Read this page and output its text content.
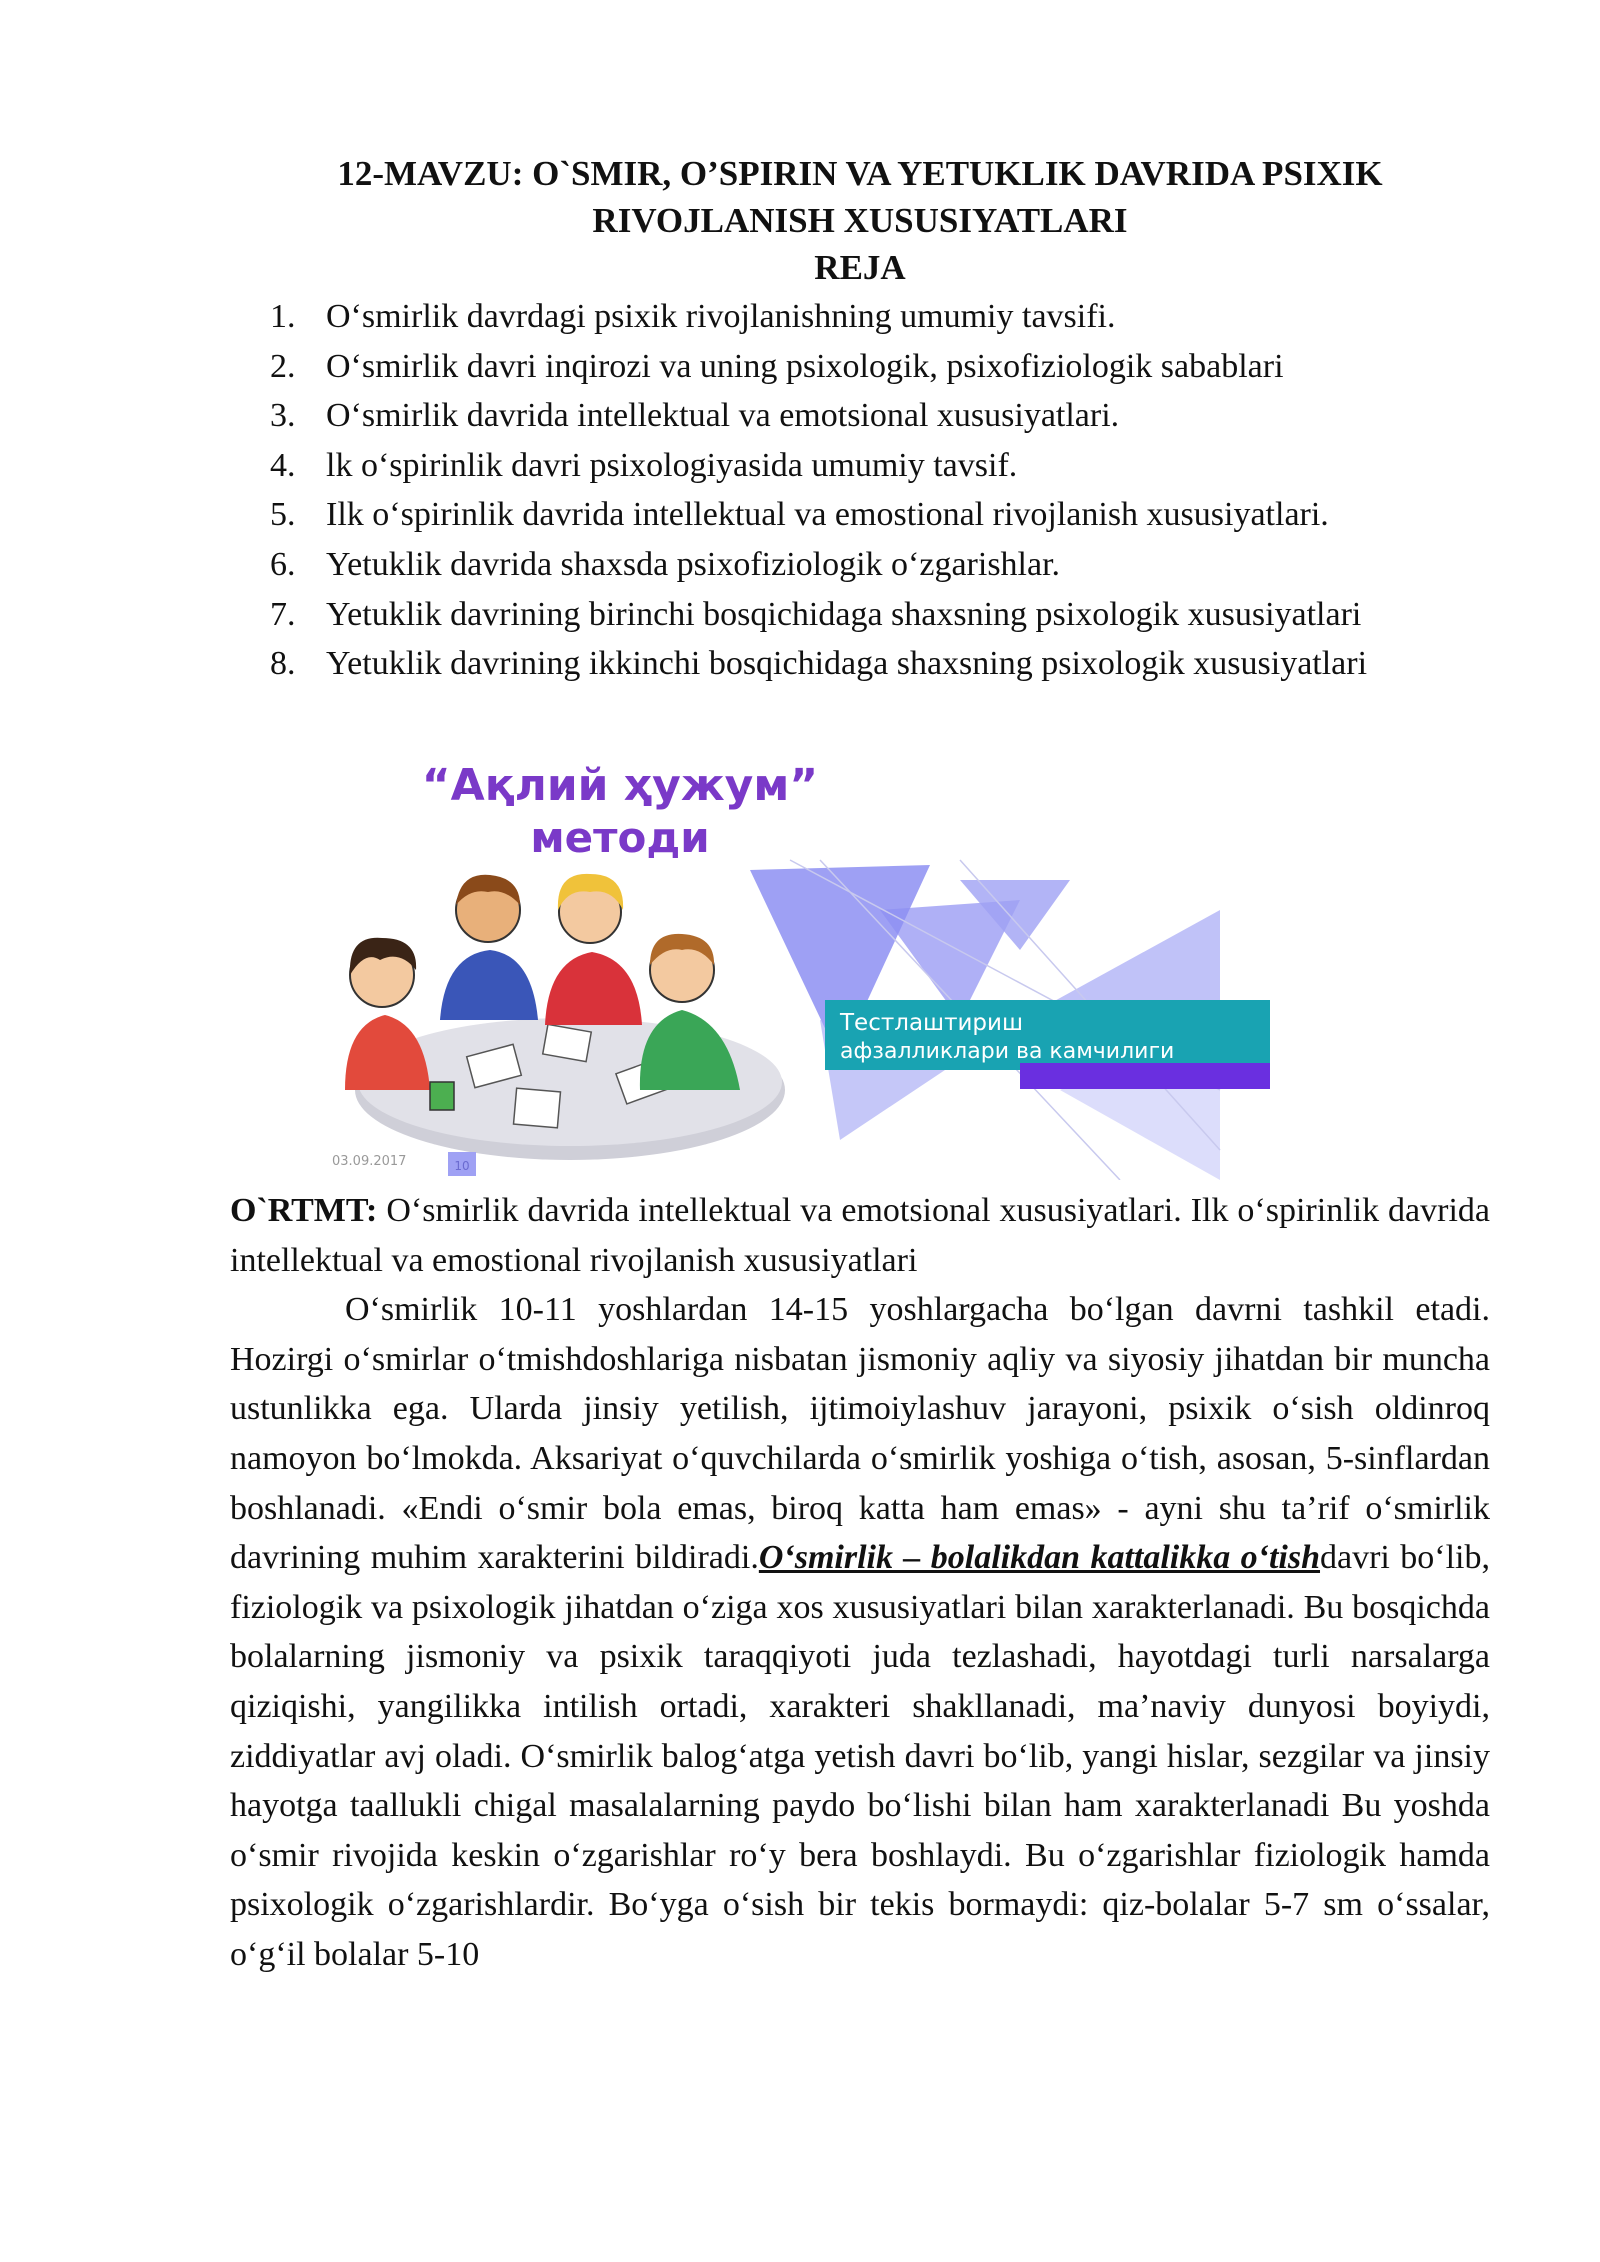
12-MAVZU: O`SMIR, O’SPIRIN VA YETUKLIK DAVRIDA PSIXIK
RIVOJLANISH XUSUSIYATLARI
REJA
1. O‘smirlik davrdagi psixik rivojlanishning umumiy tavsifi.
2. O‘smirlik davri inqirozi va uning psixologik, psixofiziologik sabablari
3. O‘smirlik davrida intellektual va emotsional xususiyatlari.
4. lk o‘spirinlik davri psixologiyasida umumiy tavsif.
5. Ilk o‘spirinlik davrida intellektual va emostional rivojlanish xususiyatlari.
6. Yetuklik davrida shaxsda psixofiziologik o‘zgarishlar.
7. Yetuklik davrining birinchi bosqichidaga shaxsning psixologik xususiyatlari
8. Yetuklik davrining ikkinchi bosqichidaga shaxsning psixologik xususiyatlari
“Ақлий ҳужум”
методи
Тестлаштириш
афзалликлари ва камчилиги
03.09.2017	10

O`RTMT: O‘smirlik davrida intellektual va emotsional xususiyatlari. Ilk o‘spirinlik davrida intellektual va emostional rivojlanish xususiyatlari

O‘smirlik 10-11 yoshlardan 14-15 yoshlargacha bo‘lgan davrni tashkil etadi. Hozirgi o‘smirlar o‘tmishdoshlariga nisbatan jismoniy aqliy va siyosiy jihatdan bir muncha ustunlikka ega. Ularda jinsiy yetilish, ijtimoiylashuv jarayoni, psixik o‘sish oldinroq namoyon bo‘lmokda. Aksariyat o‘quvchilarda o‘smirlik yoshiga o‘tish, asosan, 5-sinflardan boshlanadi. «Endi o‘smir bola emas, biroq katta ham emas» - ayni shu ta’rif o‘smirlik davrining muhim xarakterini bildiradi.O‘smirlik – bolalikdan kattalikka o‘tishdavri bo‘lib, fiziologik va psixologik jihatdan o‘ziga xos xususiyatlari bilan xarakterlanadi. Bu bosqichda bolalarning jismoniy va psixik taraqqiyoti juda tezlashadi, hayotdagi turli narsalarga qiziqishi, yangilikka intilish ortadi, xarakteri shakllanadi, ma’naviy dunyosi boyiydi, ziddiyatlar avj oladi. O‘smirlik balog‘atga yetish davri bo‘lib, yangi hislar, sezgilar va jinsiy hayotga taallukli chigal masalalarning paydo bo‘lishi bilan ham xarakterlanadi Bu yoshda o‘smir rivojida keskin o‘zgarishlar ro‘y bera boshlaydi. Bu o‘zgarishlar fiziologik hamda psixologik o‘zgarishlardir. Bo‘yga o‘sish bir tekis bormaydi: qiz-bolalar 5-7 sm o‘ssalar, o‘g‘il bolalar 5-10
